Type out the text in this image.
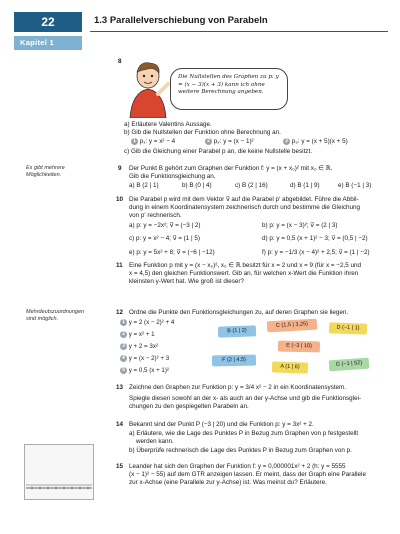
22	1.3 Parallelverschiebung von Parabeln
Kapitel 1
8
Die Nullstellen des Graphen zu p: y = (x − 3)(x + 3) kann ich ohne weitere Berechnung angeben.
a) Erläutere Valentins Aussage.
b) Gib die Nullstellen der Funktion ohne Berechnung an.
1 p₁: y = x² − 4	2 p₂: y = (x − 1)²	3 p₃: y = (x + 5)(x + 5)
c) Gib die Gleichung einer Parabel p an, die keine Nullstelle besitzt.
Es gibt mehrere Möglichkeiten.
9 Der Punkt B gehört zum Graphen der Funktion f: y = (x + x₀)² mit x₀ ∈ ℝ.
Gib die Funktionsgleichung an.
a) B (2 | 1)	b) B (0 | 4)	c) B (2 | 16)	d) B (1 | 9)	e) B (−1 | 3)
10 Die Parabel p wird mit dem Vektor v⃗ auf die Parabel p' abgebildet. Führe die Abbil-
dung in einem Koordinatensystem zeichnerisch durch und bestimme die Gleichung
von p' rechnerisch.
a) p: y = −2x²; v⃗ = (−3 | 2)	b) p: y = (x − 3)²; v⃗ = (2 | 3)
c) p: y = x² − 4; v⃗ = (1 | 5)	d) p: y = 0,5 (x + 1)² − 3; v⃗ = (0,5 | −2)
e) p: y = 5x² + 8; v⃗ = (−6 | −12)	f) p: y = −1/3 (x − 4)² + 2,5; v⃗ = (1 | −2)
11 Eine Funktion p mit y = (x − x₀)², x₀ ∈ ℝ besitzt für x = 2 und x = 9 (für x = −2,5 und
x = 4,5) den gleichen Funktionswert. Gib an, für welchen x-Wert die Funktion ihren
kleinsten y-Wert hat. Wie groß ist dieser?
Mehrdeutszuordnungen sind möglich.
12 Ordne die Punkte den Funktionsgleichungen zu, auf deren Graphen sie liegen.
1 y = 2 (x − 2)² + 4
2 y = x² + 1
3 y + 2 = 3x²
4 y = (x − 2)² + 3
5 y = 0,5 (x + 1)²
B (1 | 2)
C (1,5 | 3,25)	D (−1 | 1)
E (−3 | 10)
F (2 | 4,5)
G (−1 | 52)
A (1 | 6)
13 Zeichne den Graphen zur Funktion p: y = 3/4 x² − 2 in ein Koordinatensystem.
Spiegle diesen sowohl an der x- als auch an der y-Achse und gib die Funktionsglei-
chungen zu den gespiegelten Parabeln an.
14 Bekannt sind der Punkt P (−3 | 20) und die Funktion p: y = 3x² + 2.
a) Erläutere, wie die Lage des Punktes P in Bezug zum Graphen von p festgestellt
werden kann.
b) Überprüfe rechnerisch die Lage des Punktes P in Bezug zum Graphen von p.
15 Leander hat sich den Graphen der Funktion f: y = 0,000001x² + 2 (h: y = 5555
(x − 1)² − 55) auf dem GTR anzeigen lassen. Er meint, dass der Graph eine Parallele
zur x-Achse (eine Parallele zur y-Achse) ist. Was meinst du? Erläutere.
